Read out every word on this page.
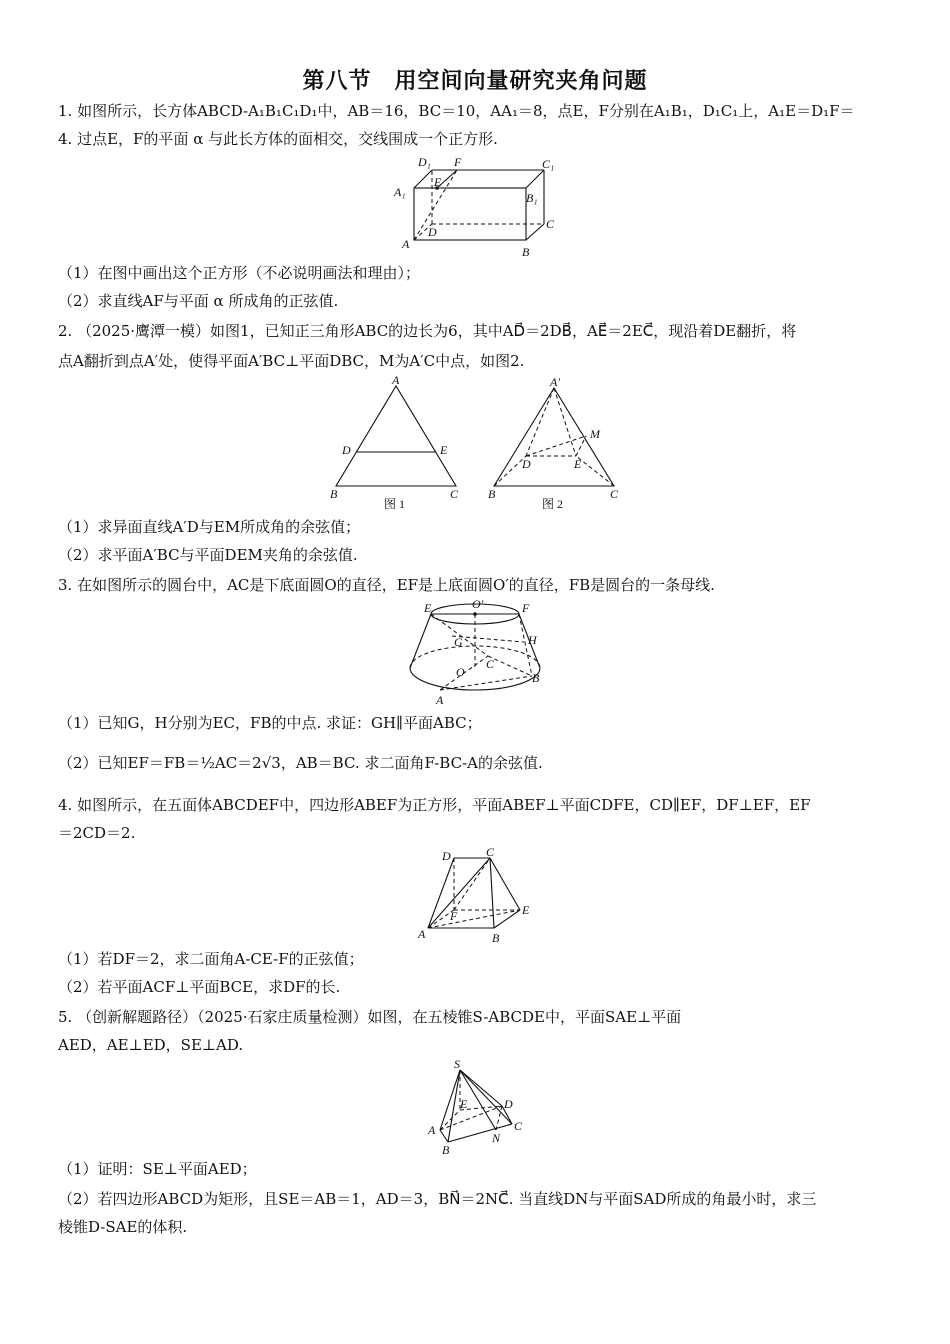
第八节　用空间向量研究夹角问题
1. 如图所示，长方体ABCD-A₁B₁C₁D₁中，AB＝16，BC＝10，AA₁＝8，点E，F分别在A₁B₁，D₁C₁上，A₁E＝D₁F＝
4. 过点E，F的平面 α 与此长方体的面相交，交线围成一个正方形.
D₁ F	C₁
A₁
E
B₁
C
A
D
B
（1）在图中画出这个正方形（不必说明画法和理由）；
（2）求直线AF与平面 α 所成角的正弦值.
2. （2025·鹰潭一模）如图1，已知正三角形ABC的边长为6，其中AD⃗＝2DB⃗，AE⃗＝2EC⃗，现沿着DE翻折，将
点A翻折到点A′处，使得平面A′BC⊥平面DBC，M为A′C中点，如图2.
A
D	E
B	C
图 1
A′
M
D	E
B	C
图 2
（1）求异面直线A′D与EM所成角的余弦值；
（2）求平面A′BC与平面DEM夹角的余弦值.
3. 在如图所示的圆台中，AC是下底面圆O的直径，EF是上底面圆O′的直径，FB是圆台的一条母线.
E	O′	F
G	H
C
O	B
A
（1）已知G，H分别为EC，FB的中点. 求证：GH∥平面ABC；
（2）已知EF＝FB＝½AC＝2√3，AB＝BC. 求二面角F-BC-A的余弦值.
4. 如图所示，在五面体ABCDEF中，四边形ABEF为正方形，平面ABEF⊥平面CDFE，CD∥EF，DF⊥EF，EF
＝2CD＝2.
D	C
F	E
A	B
（1）若DF＝2，求二面角A-CE-F的正弦值；
（2）若平面ACF⊥平面BCE，求DF的长.
5. （创新解题路径）（2025·石家庄质量检测）如图，在五棱锥S-ABCDE中，平面SAE⊥平面
AED，AE⊥ED，SE⊥AD.
S
E	D
A
N
C
B
（1）证明：SE⊥平面AED；
（2）若四边形ABCD为矩形，且SE＝AB＝1，AD＝3，BN⃗＝2NC⃗. 当直线DN与平面SAD所成的角最小时，求三
棱锥D-SAE的体积.
